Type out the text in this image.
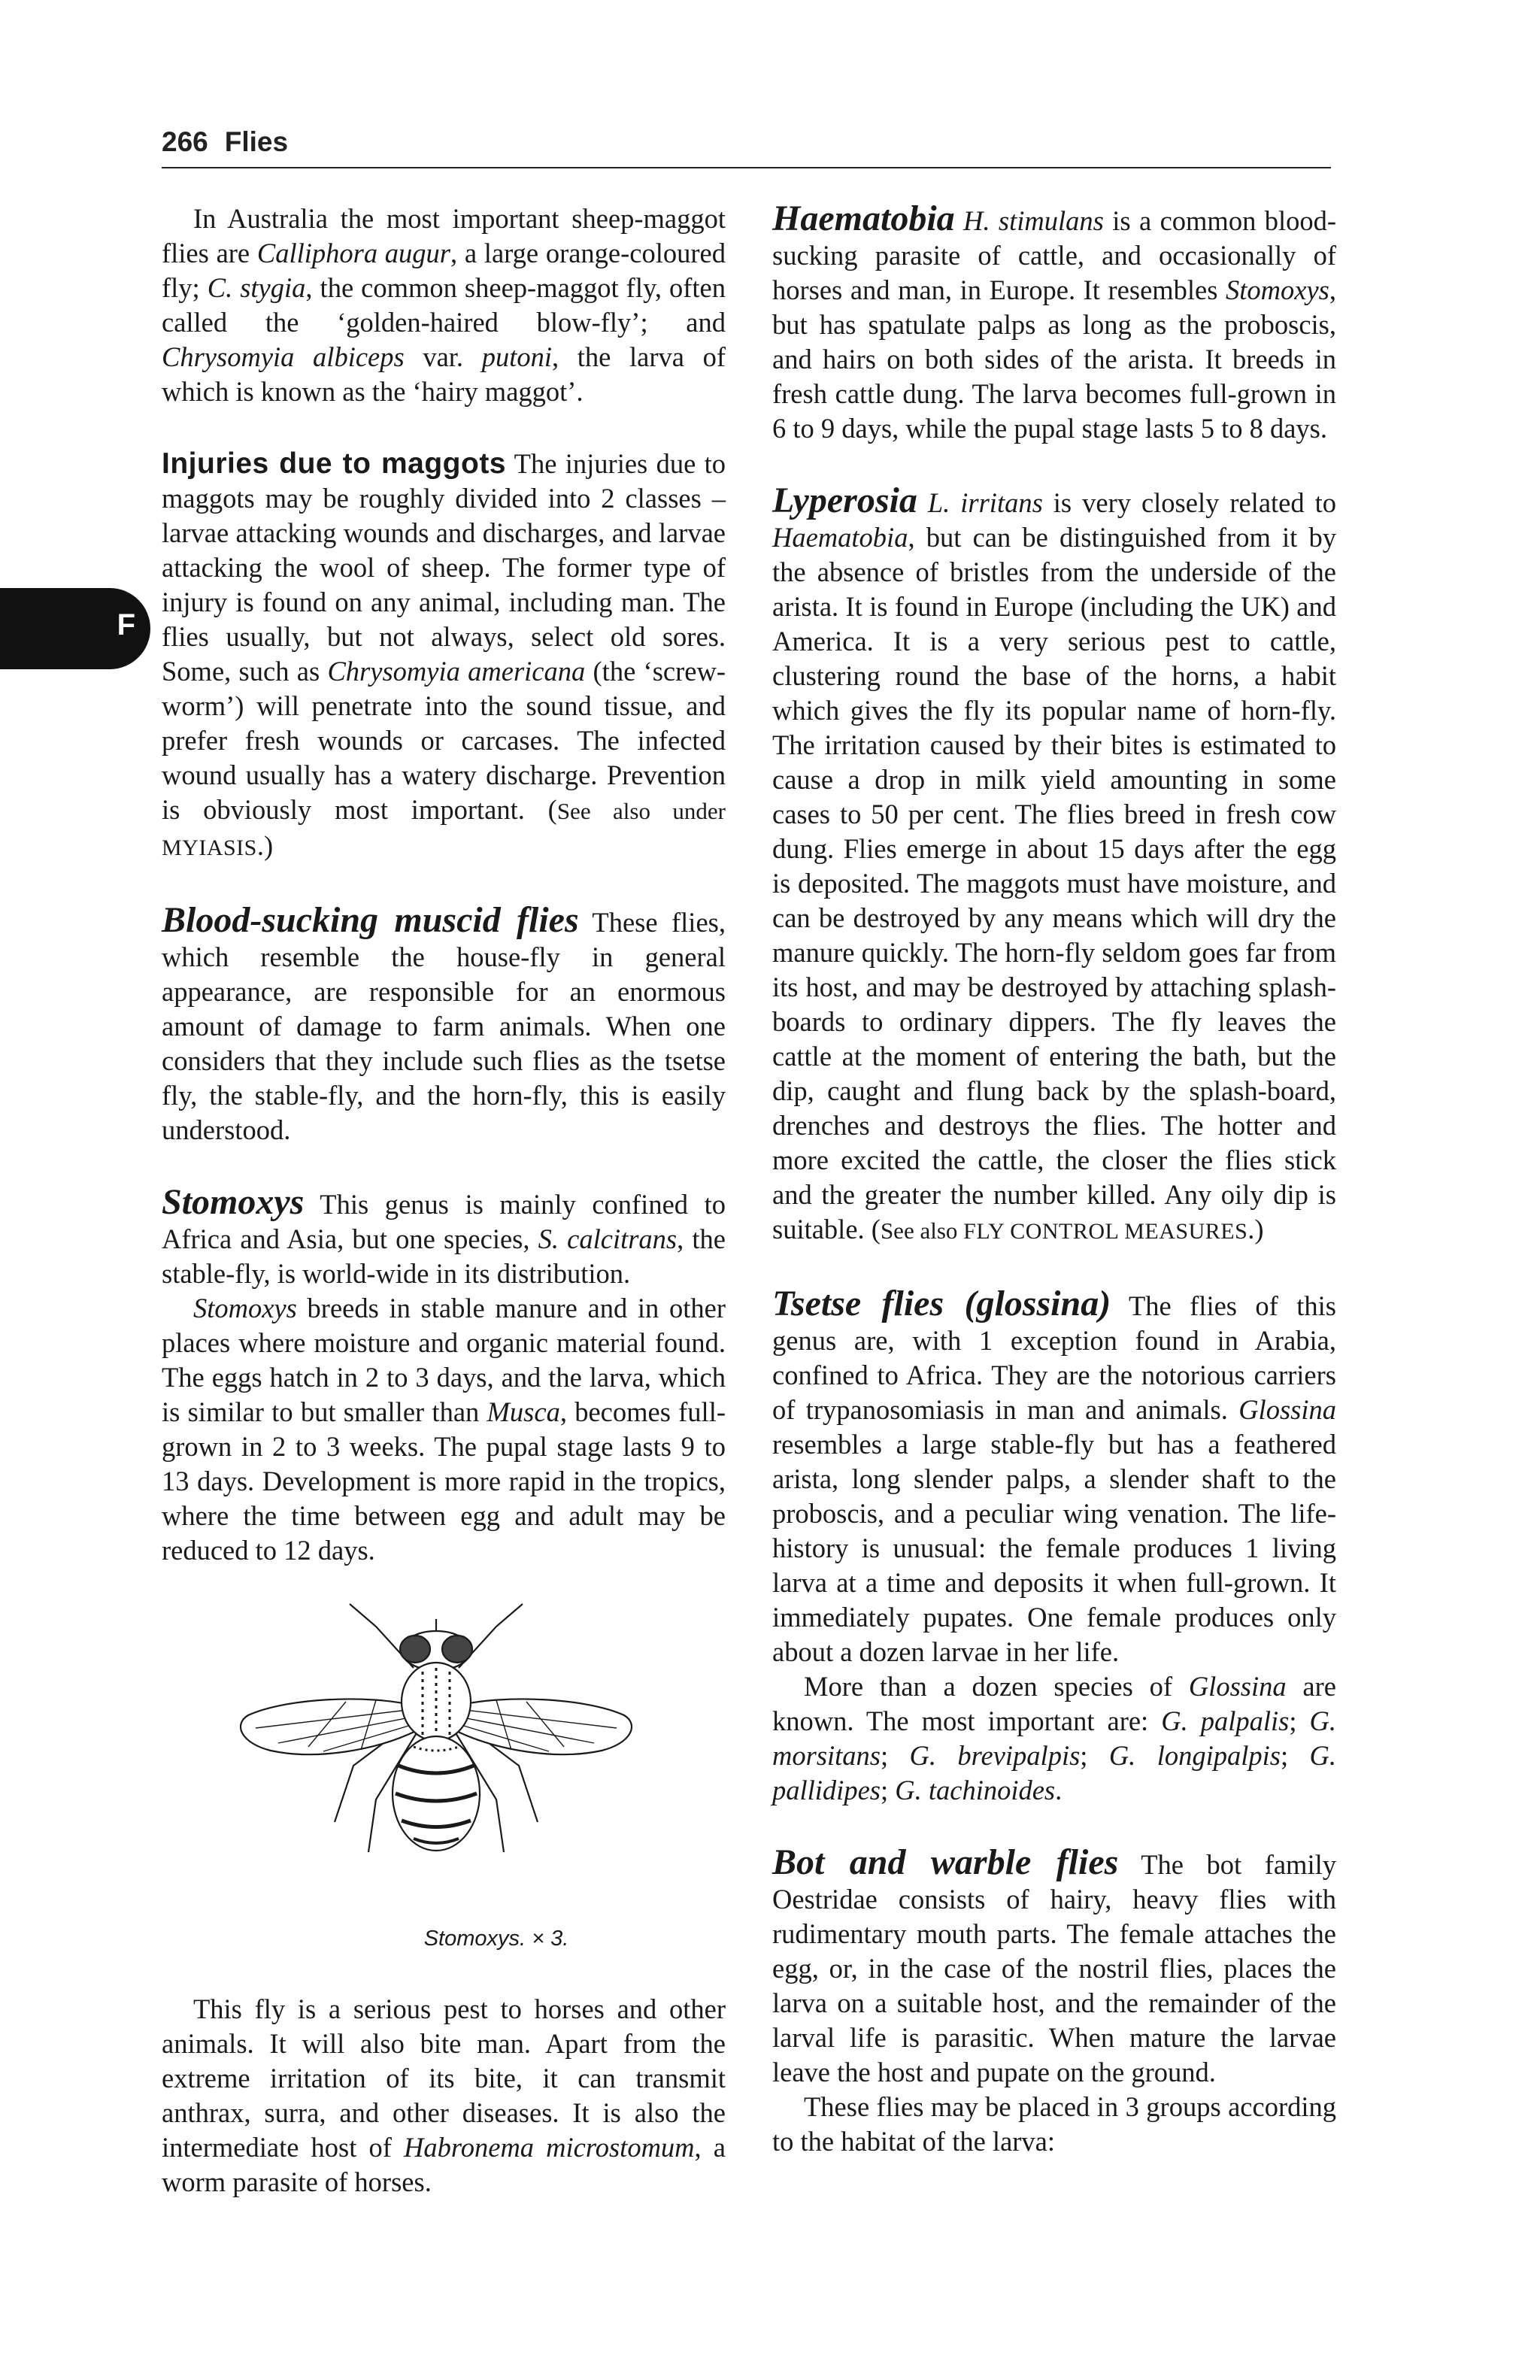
266 Flies
F

In Australia the most important sheep-maggot flies are Calliphora augur, a large orange-coloured fly; C. stygia, the common sheep-maggot fly, often called the ‘golden-haired blow-fly’; and Chrysomyia albiceps var. putoni, the larva of which is known as the ‘hairy maggot’.

Injuries due to maggots The injuries due to maggots may be roughly divided into 2 classes – larvae attacking wounds and discharges, and larvae attacking the wool of sheep. The former type of injury is found on any animal, including man. The flies usually, but not always, select old sores. Some, such as Chrysomyia americana (the ‘screw-worm’) will penetrate into the sound tissue, and prefer fresh wounds or carcases. The infected wound usually has a watery discharge. Prevention is obviously most important. (See also under MYIASIS.)

Blood-sucking muscid flies These flies, which resemble the house-fly in general appearance, are responsible for an enormous amount of damage to farm animals. When one considers that they include such flies as the tsetse fly, the stable-fly, and the horn-fly, this is easily understood.

Stomoxys This genus is mainly confined to Africa and Asia, but one species, S. calcitrans, the stable-fly, is world-wide in its distribution.

Stomoxys breeds in stable manure and in other places where moisture and organic material found. The eggs hatch in 2 to 3 days, and the larva, which is similar to but smaller than Musca, becomes full-grown in 2 to 3 weeks. The pupal stage lasts 9 to 13 days. Development is more rapid in the tropics, where the time between egg and adult may be reduced to 12 days.

Stomoxys. × 3.

This fly is a serious pest to horses and other animals. It will also bite man. Apart from the extreme irritation of its bite, it can transmit anthrax, surra, and other diseases. It is also the intermediate host of Habronema microstomum, a worm parasite of horses.

Haematobia H. stimulans is a common blood-sucking parasite of cattle, and occasionally of horses and man, in Europe. It resembles Stomoxys, but has spatulate palps as long as the proboscis, and hairs on both sides of the arista. It breeds in fresh cattle dung. The larva becomes full-grown in 6 to 9 days, while the pupal stage lasts 5 to 8 days.

Lyperosia L. irritans is very closely related to Haematobia, but can be distinguished from it by the absence of bristles from the underside of the arista. It is found in Europe (including the UK) and America. It is a very serious pest to cattle, clustering round the base of the horns, a habit which gives the fly its popular name of horn-fly. The irritation caused by their bites is estimated to cause a drop in milk yield amounting in some cases to 50 per cent. The flies breed in fresh cow dung. Flies emerge in about 15 days after the egg is deposited. The maggots must have moisture, and can be destroyed by any means which will dry the manure quickly. The horn-fly seldom goes far from its host, and may be destroyed by attaching splash-boards to ordinary dippers. The fly leaves the cattle at the moment of entering the bath, but the dip, caught and flung back by the splash-board, drenches and destroys the flies. The hotter and more excited the cattle, the closer the flies stick and the greater the number killed. Any oily dip is suitable. (See also FLY CONTROL MEASURES.)

Tsetse flies (glossina) The flies of this genus are, with 1 exception found in Arabia, confined to Africa. They are the notorious carriers of trypanosomiasis in man and animals. Glossina resembles a large stable-fly but has a feathered arista, long slender palps, a slender shaft to the proboscis, and a peculiar wing venation. The life-history is unusual: the female produces 1 living larva at a time and deposits it when full-grown. It immediately pupates. One female produces only about a dozen larvae in her life.

More than a dozen species of Glossina are known. The most important are: G. palpalis; G. morsitans; G. brevipalpis; G. longipalpis; G. pallidipes; G. tachinoides.

Bot and warble flies The bot family Oestridae consists of hairy, heavy flies with rudimentary mouth parts. The female attaches the egg, or, in the case of the nostril flies, places the larva on a suitable host, and the remainder of the larval life is parasitic. When mature the larvae leave the host and pupate on the ground.

These flies may be placed in 3 groups according to the habitat of the larva:
